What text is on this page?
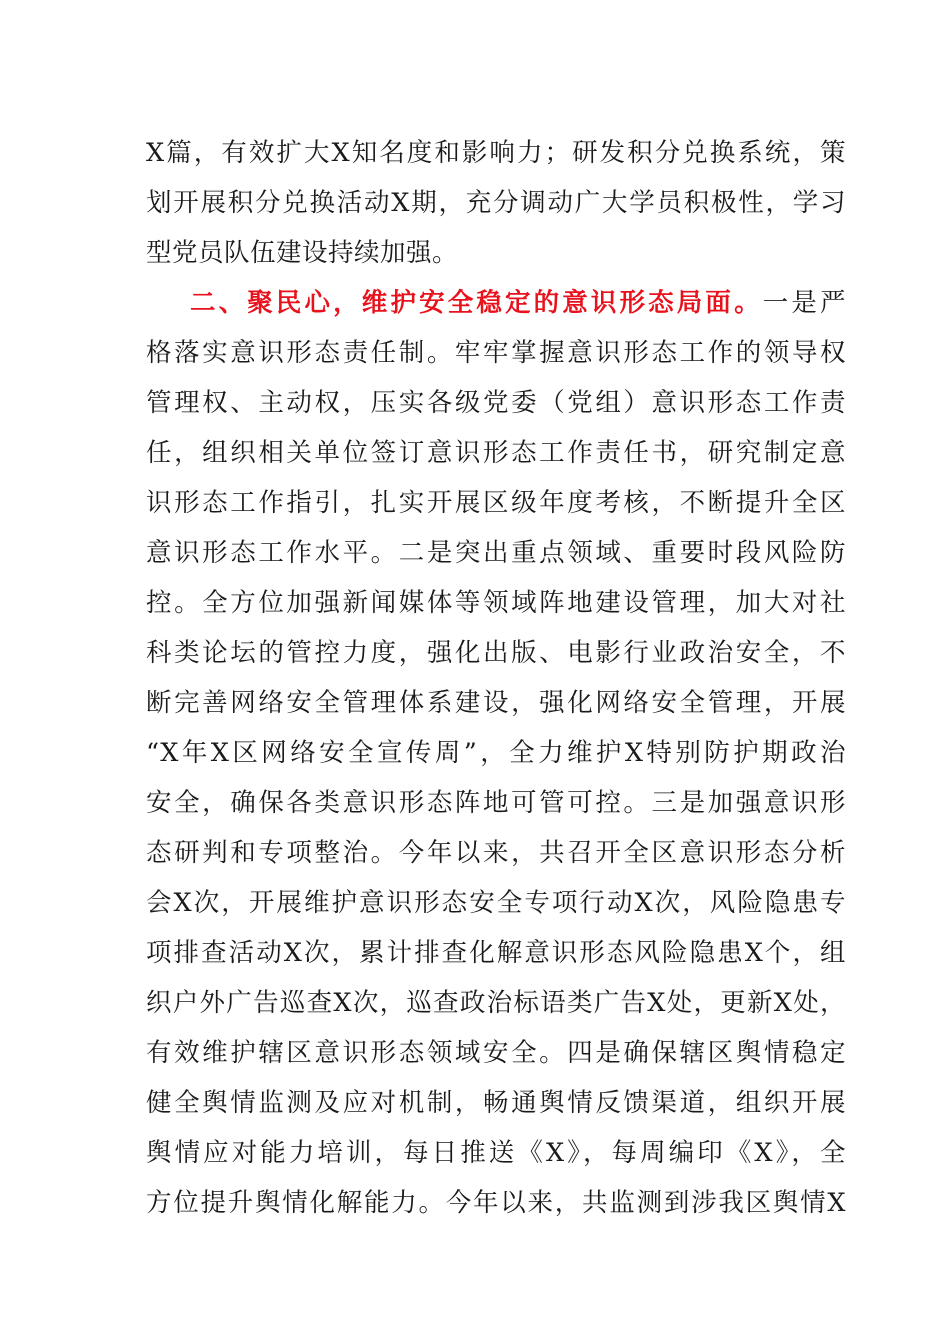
X篇，有效扩大X知名度和影响力；研发积分兑换系统，策
划开展积分兑换活动X期，充分调动广大学员积极性，学习
型党员队伍建设持续加强。
二、聚民心，维护安全稳定的意识形态局面。一是严
格落实意识形态责任制。牢牢掌握意识形态工作的领导权
管理权、主动权，压实各级党委（党组）意识形态工作责
任，组织相关单位签订意识形态工作责任书，研究制定意
识形态工作指引，扎实开展区级年度考核，不断提升全区
意识形态工作水平。二是突出重点领域、重要时段风险防
控。全方位加强新闻媒体等领域阵地建设管理，加大对社
科类论坛的管控力度，强化出版、电影行业政治安全，不
断完善网络安全管理体系建设，强化网络安全管理，开展
“X年X区网络安全宣传周”，全力维护X特别防护期政治
安全，确保各类意识形态阵地可管可控。三是加强意识形
态研判和专项整治。今年以来，共召开全区意识形态分析
会X次，开展维护意识形态安全专项行动X次，风险隐患专
项排查活动X次，累计排查化解意识形态风险隐患X个，组
织户外广告巡查X次，巡查政治标语类广告X处，更新X处，
有效维护辖区意识形态领域安全。四是确保辖区舆情稳定
健全舆情监测及应对机制，畅通舆情反馈渠道，组织开展
舆情应对能力培训，每日推送《X》，每周编印《X》，全
方位提升舆情化解能力。今年以来，共监测到涉我区舆情X
